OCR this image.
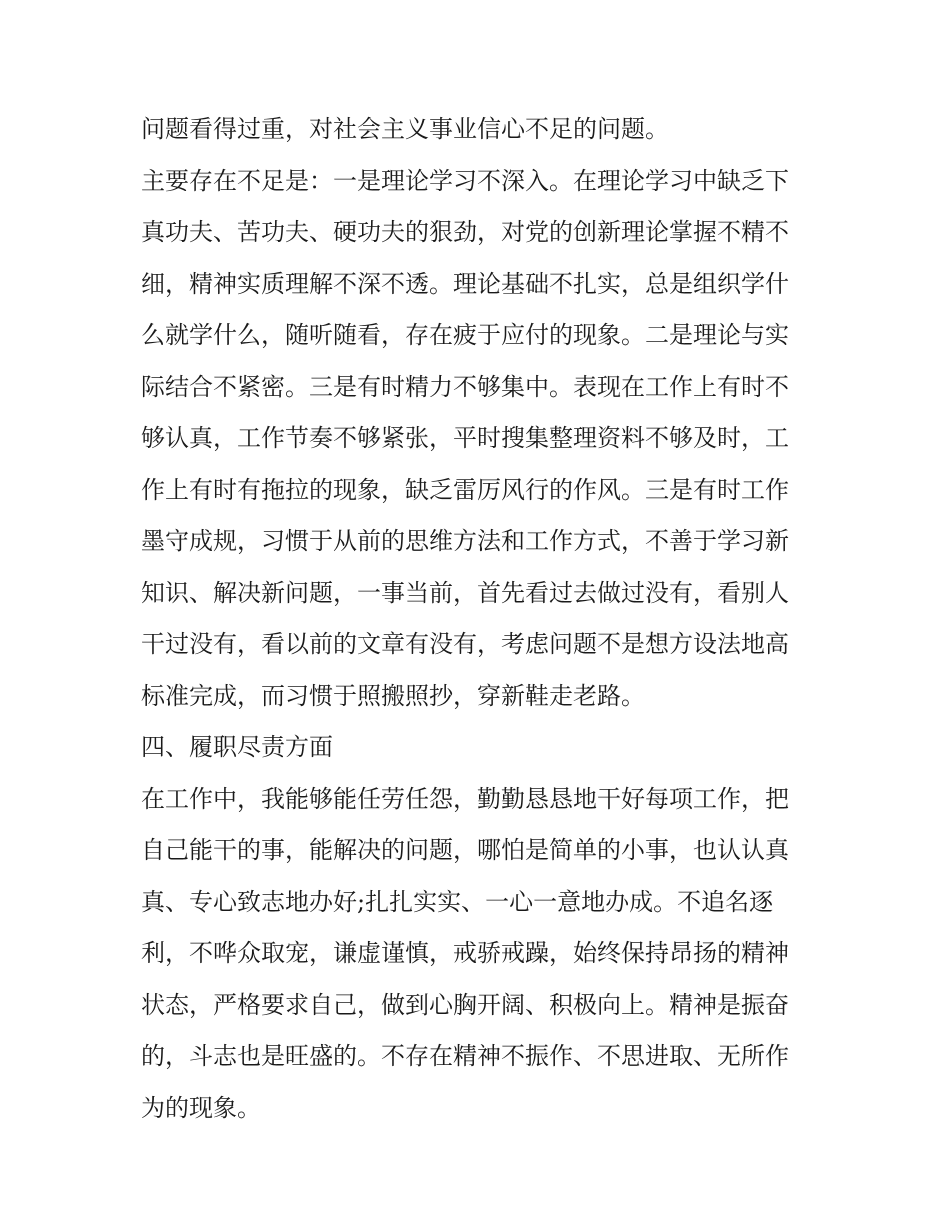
问题看得过重，对社会主义事业信心不足的问题。
主要存在不足是：一是理论学习不深入。在理论学习中缺乏下
真功夫、苦功夫、硬功夫的狠劲，对党的创新理论掌握不精不
细，精神实质理解不深不透。理论基础不扎实，总是组织学什
么就学什么，随听随看，存在疲于应付的现象。二是理论与实
际结合不紧密。三是有时精力不够集中。表现在工作上有时不
够认真，工作节奏不够紧张，平时搜集整理资料不够及时，工
作上有时有拖拉的现象，缺乏雷厉风行的作风。三是有时工作
墨守成规，习惯于从前的思维方法和工作方式，不善于学习新
知识、解决新问题，一事当前，首先看过去做过没有，看别人
干过没有，看以前的文章有没有，考虑问题不是想方设法地高
标准完成，而习惯于照搬照抄，穿新鞋走老路。
四、履职尽责方面
在工作中，我能够能任劳任怨，勤勤恳恳地干好每项工作，把
自己能干的事，能解决的问题，哪怕是简单的小事，也认认真
真、专心致志地办好;扎扎实实、一心一意地办成。不追名逐
利，不哗众取宠，谦虚谨慎，戒骄戒躁，始终保持昂扬的精神
状态，严格要求自己，做到心胸开阔、积极向上。精神是振奋
的，斗志也是旺盛的。不存在精神不振作、不思进取、无所作
为的现象。
